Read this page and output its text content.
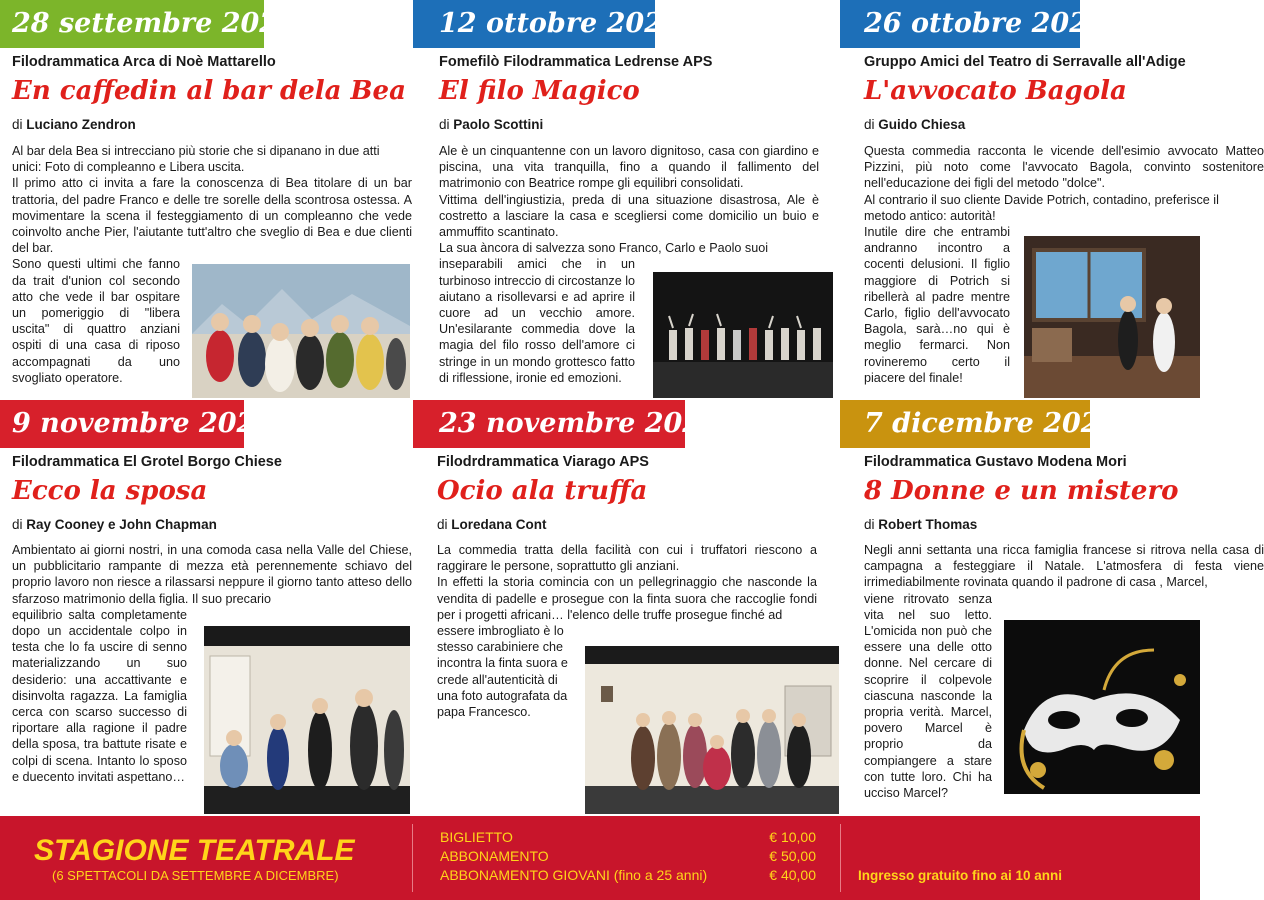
28 settembre 2024
Filodrammatica Arca di Noè Mattarello
En caffedin al bar dela Bea
di Luciano Zendron

Al bar dela Bea si intrecciano più storie che si dipanano in due atti unici: Foto di compleanno e Libera uscita.

Il primo atto ci invita a fare la conoscenza di Bea titolare di un bar trattoria, del padre Franco e delle tre sorelle della scontrosa ostessa. A movimentare la scena il festeggiamento di un compleanno che vede coinvolto anche Pier, l'aiutante tutt'altro che sveglio di Bea e due clienti del bar.

Sono questi ultimi che fanno da trait d'union col secondo atto che vede il bar ospitare un pomeriggio di "libera uscita" di quattro anziani ospiti di una casa di riposo accompagnati da uno svogliato operatore.

12 ottobre 2024
Fomefilò Filodrammatica Ledrense APS
El filo Magico
di Paolo Scottini

Ale è un cinquantenne con un lavoro dignitoso, casa con giardino e piscina, una vita tranquilla, fino a quando il fallimento del matrimonio con Beatrice rompe gli equilibri consolidati.

Vittima dell'ingiustizia, preda di una situazione disastrosa, Ale è costretto a lasciare la casa e scegliersi come domicilio un buio e ammuffito scantinato.

La sua àncora di salvezza sono Franco, Carlo e Paolo suoi

inseparabili amici che in un turbinoso intreccio di circostanze lo aiutano a risollevarsi e ad aprire il cuore ad un vecchio amore. Un'esilarante commedia dove la magia del filo rosso dell'amore ci stringe in un mondo grottesco fatto di riflessione, ironie ed emozioni.

26 ottobre 2024
Gruppo Amici del Teatro di Serravalle all'Adige
L'avvocato Bagola
di Guido Chiesa

Questa commedia racconta le vicende dell'esimio avvocato Matteo Pizzini, più noto come l'avvocato Bagola, convinto sostenitore nell'educazione dei figli del metodo "dolce".

Al contrario il suo cliente Davide Potrich, contadino, preferisce il metodo antico: autorità!

Inutile dire che entrambi andranno incontro a cocenti delusioni. Il figlio maggiore di Potrich si ribellerà al padre mentre Carlo, figlio dell'avvocato Bagola, sarà…no qui è meglio fermarci. Non rovineremo certo il piacere del finale!

9 novembre 2024
Filodrammatica El Grotel Borgo Chiese
Ecco la sposa
di Ray Cooney e John Chapman

Ambientato ai giorni nostri, in una comoda casa nella Valle del Chiese, un pubblicitario rampante di mezza età perennemente schiavo del proprio lavoro non riesce a rilassarsi neppure il giorno tanto atteso dello sfarzoso matrimonio della figlia. Il suo precario

equilibrio salta completamente dopo un accidentale colpo in testa che lo fa uscire di senno materializzando un suo desiderio: una accattivante e disinvolta ragazza. La famiglia cerca con scarso successo di riportare alla ragione il padre della sposa, tra battute risate e colpi di scena. Intanto lo sposo e duecento invitati aspettano…

23 novembre 2024
Filodrdrammatica Viarago APS
Ocio ala truffa
di Loredana Cont

La commedia tratta della facilità con cui i truffatori riescono a raggirare le persone, soprattutto gli anziani.

In effetti la storia comincia con un pellegrinaggio che nasconde la vendita di padelle e prosegue con la finta suora che raccoglie fondi per i progetti africani… l'elenco delle truffe prosegue finché ad

essere imbrogliato è lo stesso carabiniere che incontra la finta suora e crede all'autenticità di una foto autografata da papa Francesco.

7 dicembre 2024
Filodrammatica Gustavo Modena Mori
8 Donne e un mistero
di Robert Thomas

Negli anni settanta una ricca famiglia francese si ritrova nella casa di campagna a festeggiare il Natale. L'atmosfera di festa viene irrimediabilmente rovinata quando il padrone di casa , Marcel,

viene ritrovato senza vita nel suo letto. L'omicida non può che essere una delle otto donne. Nel cercare di scoprire il colpevole ciascuna nasconde la propria verità. Marcel, povero Marcel è proprio da compiangere a stare con tutte loro. Chi ha ucciso Marcel?

STAGIONE TEATRALE
(6 SPETTACOLI DA SETTEMBRE A DICEMBRE)
BIGLIETTO	€ 10,00
ABBONAMENTO	€ 50,00
ABBONAMENTO GIOVANI (fino a 25 anni)	€ 40,00	Ingresso gratuito fino ai 10 anni
